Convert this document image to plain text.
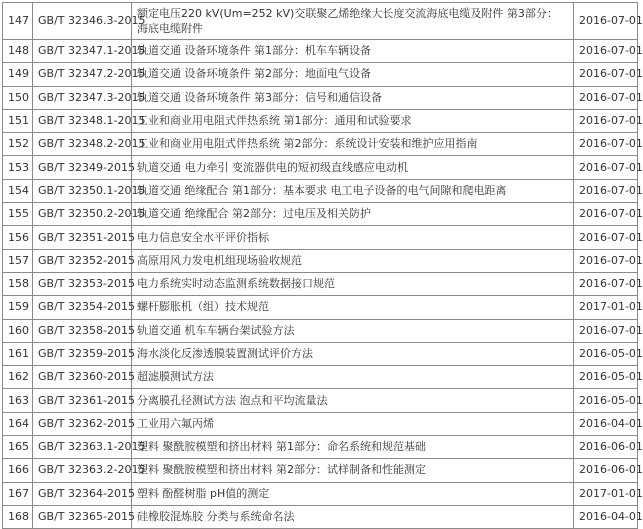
147	GB/T 32346.3-2015	额定电压220 kV(Um=252 kV)交联聚乙烯绝缘大长度交流海底电缆及附件 第3部分：海底电缆附件	2016-07-01
148	GB/T 32347.1-2015	轨道交通 设备环境条件 第1部分：机车车辆设备	2016-07-01
149	GB/T 32347.2-2015	轨道交通 设备环境条件 第2部分：地面电气设备	2016-07-01
150	GB/T 32347.3-2015	轨道交通 设备环境条件 第3部分：信号和通信设备	2016-07-01
151	GB/T 32348.1-2015	工业和商业用电阻式伴热系统 第1部分：通用和试验要求	2016-07-01
152	GB/T 32348.2-2015	工业和商业用电阻式伴热系统 第2部分：系统设计安装和维护应用指南	2016-07-01
153	GB/T 32349-2015	轨道交通 电力牵引 变流器供电的短初级直线感应电动机	2016-07-01
154	GB/T 32350.1-2015	轨道交通 绝缘配合 第1部分：基本要求 电工电子设备的电气间隙和爬电距离	2016-07-01
155	GB/T 32350.2-2015	轨道交通 绝缘配合 第2部分：过电压及相关防护	2016-07-01
156	GB/T 32351-2015	电力信息安全水平评价指标	2016-07-01
157	GB/T 32352-2015	高原用风力发电机组现场验收规范	2016-07-01
158	GB/T 32353-2015	电力系统实时动态监测系统数据接口规范	2016-07-01
159	GB/T 32354-2015	螺杆膨胀机（组）技术规范	2017-01-01
160	GB/T 32358-2015	轨道交通 机车车辆台架试验方法	2016-07-01
161	GB/T 32359-2015	海水淡化反渗透膜装置测试评价方法	2016-05-01
162	GB/T 32360-2015	超滤膜测试方法	2016-05-01
163	GB/T 32361-2015	分离膜孔径测试方法 泡点和平均流量法	2016-05-01
164	GB/T 32362-2015	工业用六氟丙烯	2016-04-01
165	GB/T 32363.1-2015	塑料 聚酰胺模塑和挤出材料 第1部分：命名系统和规范基础	2016-06-01
166	GB/T 32363.2-2015	塑料 聚酰胺模塑和挤出材料 第2部分：试样制备和性能测定	2016-06-01
167	GB/T 32364-2015	塑料 酚醛树脂 pH值的测定	2017-01-01
168	GB/T 32365-2015	硅橡胶混炼胶 分类与系统命名法	2016-04-01
